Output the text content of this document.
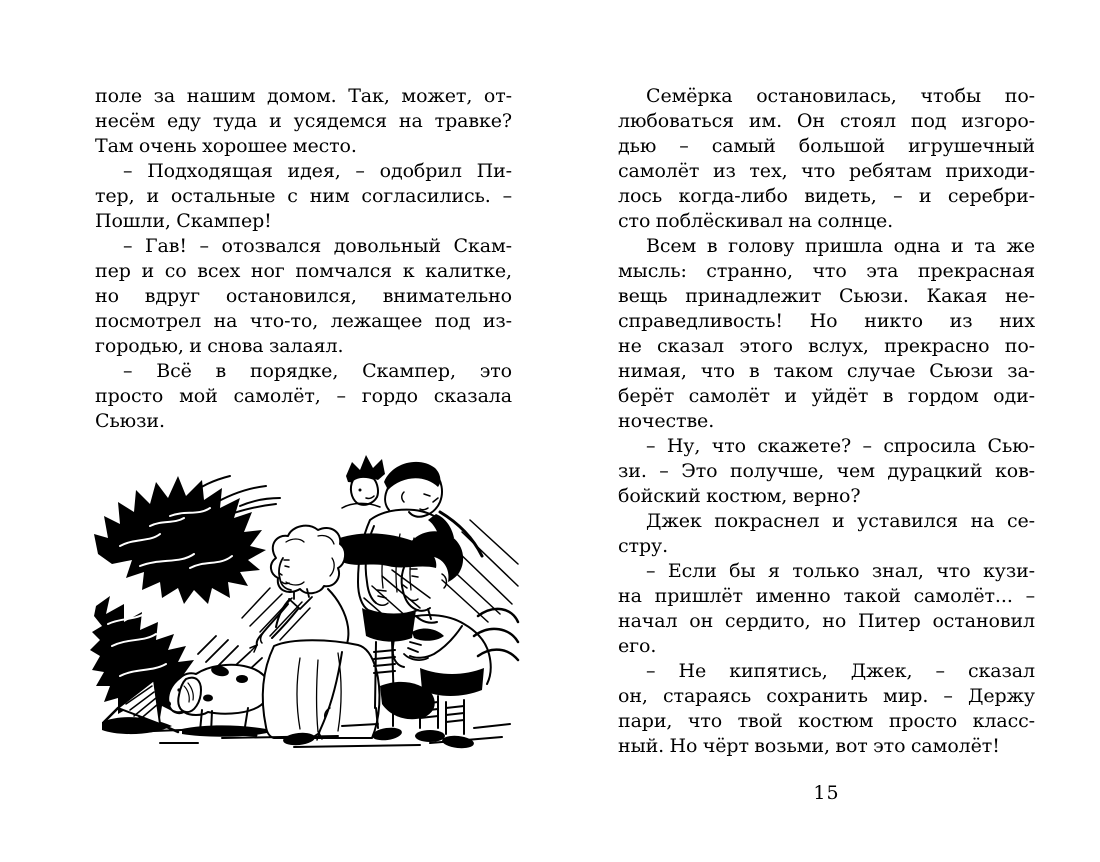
поле за нашим домом. Так, может, от-
несём еду туда и усядемся на травке?
Там очень хорошее место.
– Подходящая идея, – одобрил Пи-
тер, и остальные с ним согласились. –
Пошли, Скампер!
– Гав! – отозвался довольный Скам-
пер и со всех ног помчался к калитке,
но вдруг остановился, внимательно
посмотрел на что-то, лежащее под из-
городью, и снова залаял.
– Всё в порядке, Скампер, это
просто мой самолёт, – гордо сказала
Сьюзи.
Семёрка остановилась, чтобы по-
любоваться им. Он стоял под изгоро-
дью – самый большой игрушечный
самолёт из тех, что ребятам приходи-
лось когда-либо видеть, – и серебри-
сто поблёскивал на солнце.
Всем в голову пришла одна и та же
мысль: странно, что эта прекрасная
вещь принадлежит Сьюзи. Какая не-
справедливость! Но никто из них
не сказал этого вслух, прекрасно по-
нимая, что в таком случае Сьюзи за-
берёт самолёт и уйдёт в гордом оди-
ночестве.
– Ну, что скажете? – спросила Сью-
зи. – Это получше, чем дурацкий ков-
бойский костюм, верно?
Джек покраснел и уставился на се-
стру.
– Если бы я только знал, что кузи-
на пришлёт именно такой самолёт... –
начал он сердито, но Питер остановил
его.
– Не кипятись, Джек, – сказал
он, стараясь сохранить мир. – Держу
пари, что твой костюм просто класс-
ный. Но чёрт возьми, вот это самолёт!
15
